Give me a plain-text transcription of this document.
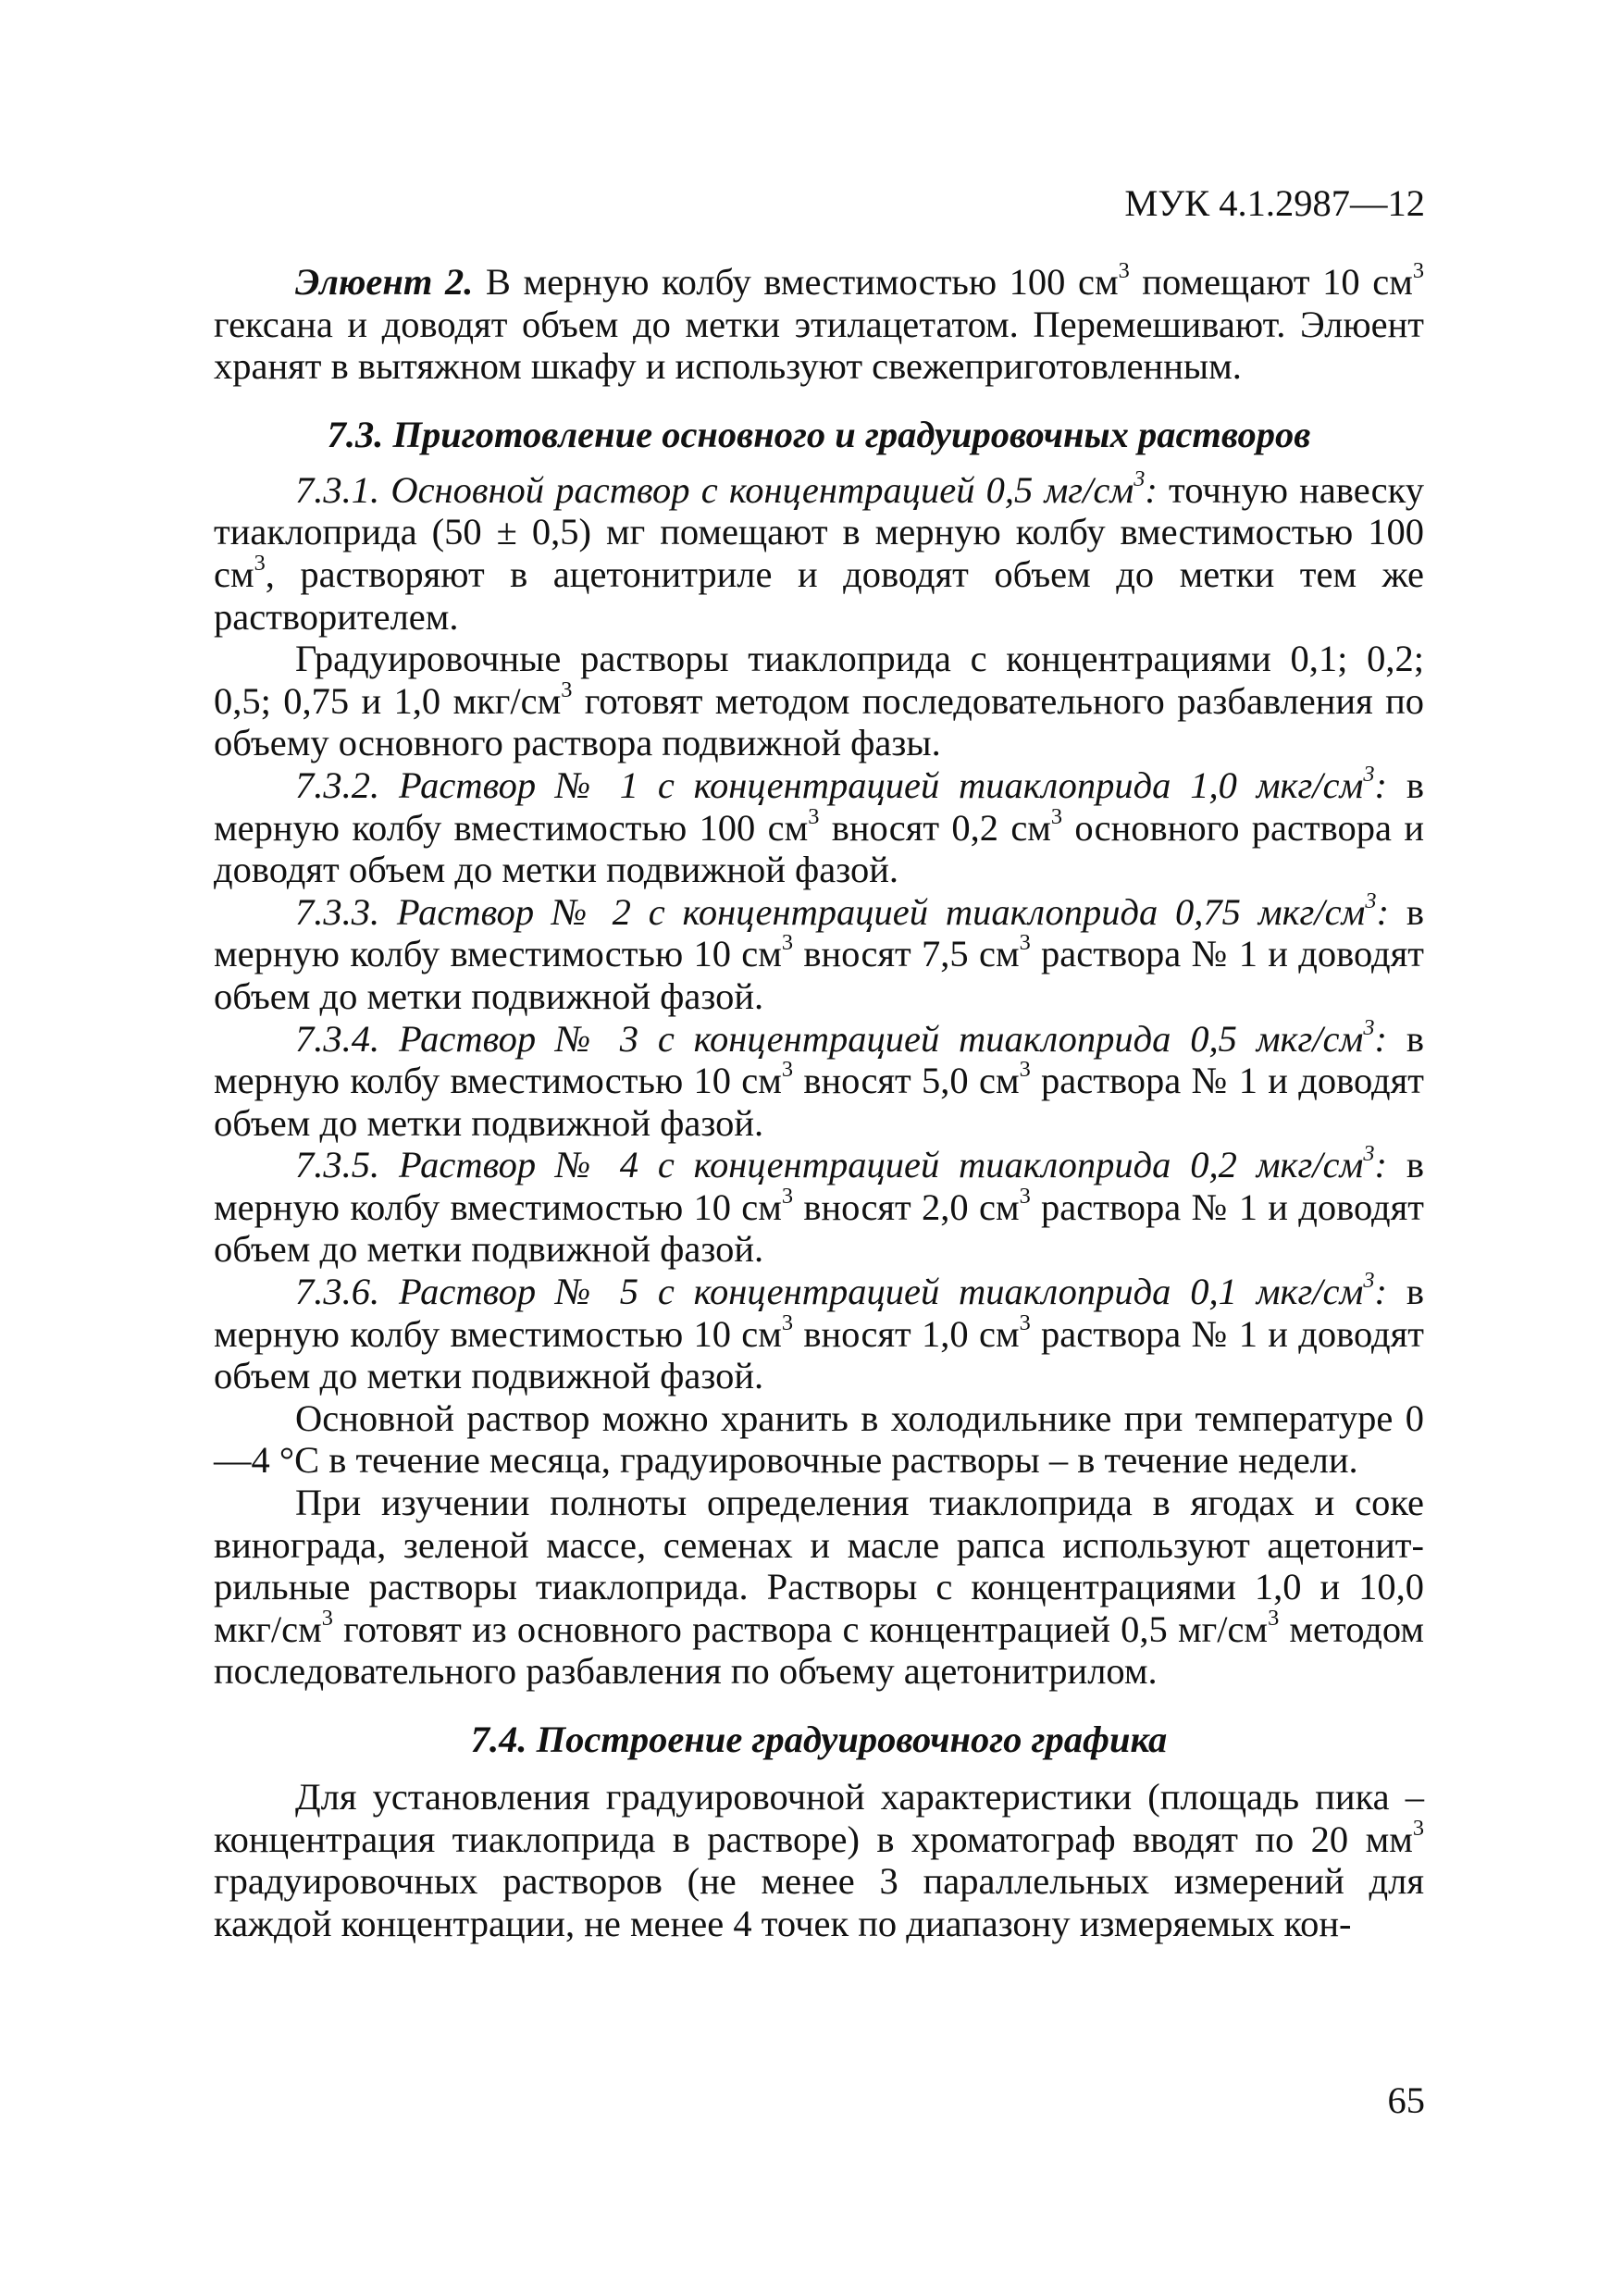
МУК 4.1.2987—12

Элюент 2. В мерную колбу вместимостью 100 $см^3$ помещают 10 $см^3$ гексана и доводят объем до метки этилацетатом. Перемешивают. Элюент хранят в вытяжном шкафу и используют свежеприготовленным.

7.3. Приготовление основного и градуировочных растворов

7.3.1. Основной раствор с концентрацией 0,5 $мг/см^3$: точную навеску тиаклоприда (50 ± 0,5) мг помещают в мерную колбу вместимостью 100 $см^3$, растворяют в ацетонитриле и доводят объем до метки тем же растворителем.

Градуировочные растворы тиаклоприда с концентрациями 0,1; 0,2; 0,5; 0,75 и 1,0 мкг/$см^3$ готовят методом последовательного разбавления по объему основного раствора подвижной фазы.

7.3.2. Раствор № 1 с концентрацией тиаклоприда 1,0 мкг/$см^3$: в мерную колбу вместимостью 100 $см^3$ вносят 0,2 $см^3$ основного раствора и доводят объем до метки подвижной фазой.

7.3.3. Раствор № 2 с концентрацией тиаклоприда 0,75 мкг/$см^3$: в мерную колбу вместимостью 10 $см^3$ вносят 7,5 $см^3$ раствора № 1 и доводят объем до метки подвижной фазой.

7.3.4. Раствор № 3 с концентрацией тиаклоприда 0,5 мкг/$см^3$: в мерную колбу вместимостью 10 $см^3$ вносят 5,0 $см^3$ раствора № 1 и доводят объем до метки подвижной фазой.

7.3.5. Раствор № 4 с концентрацией тиаклоприда 0,2 мкг/$см^3$: в мерную колбу вместимостью 10 $см^3$ вносят 2,0 $см^3$ раствора № 1 и доводят объем до метки подвижной фазой.

7.3.6. Раствор № 5 с концентрацией тиаклоприда 0,1 мкг/$см^3$: в мерную колбу вместимостью 10 $см^3$ вносят 1,0 $см^3$ раствора № 1 и доводят объем до метки подвижной фазой.

Основной раствор можно хранить в холодильнике при температуре 0—4 °С в течение месяца, градуировочные растворы – в течение недели.

При изучении полноты определения тиаклоприда в ягодах и соке винограда, зеленой массе, семенах и масле рапса используют ацетонитрильные растворы тиаклоприда. Растворы с концентрациями 1,0 и 10,0 мкг/$см^3$ готовят из основного раствора с концентрацией 0,5 $мг/см^3$ методом последовательного разбавления по объему ацетонитрилом.

7.4. Построение градуировочного графика

Для установления градуировочной характеристики (площадь пика – концентрация тиаклоприда в растворе) в хроматограф вводят по 20 $мм^3$ градуировочных растворов (не менее 3 параллельных измерений для каждой концентрации, не менее 4 точек по диапазону измеряемых кон-

65
